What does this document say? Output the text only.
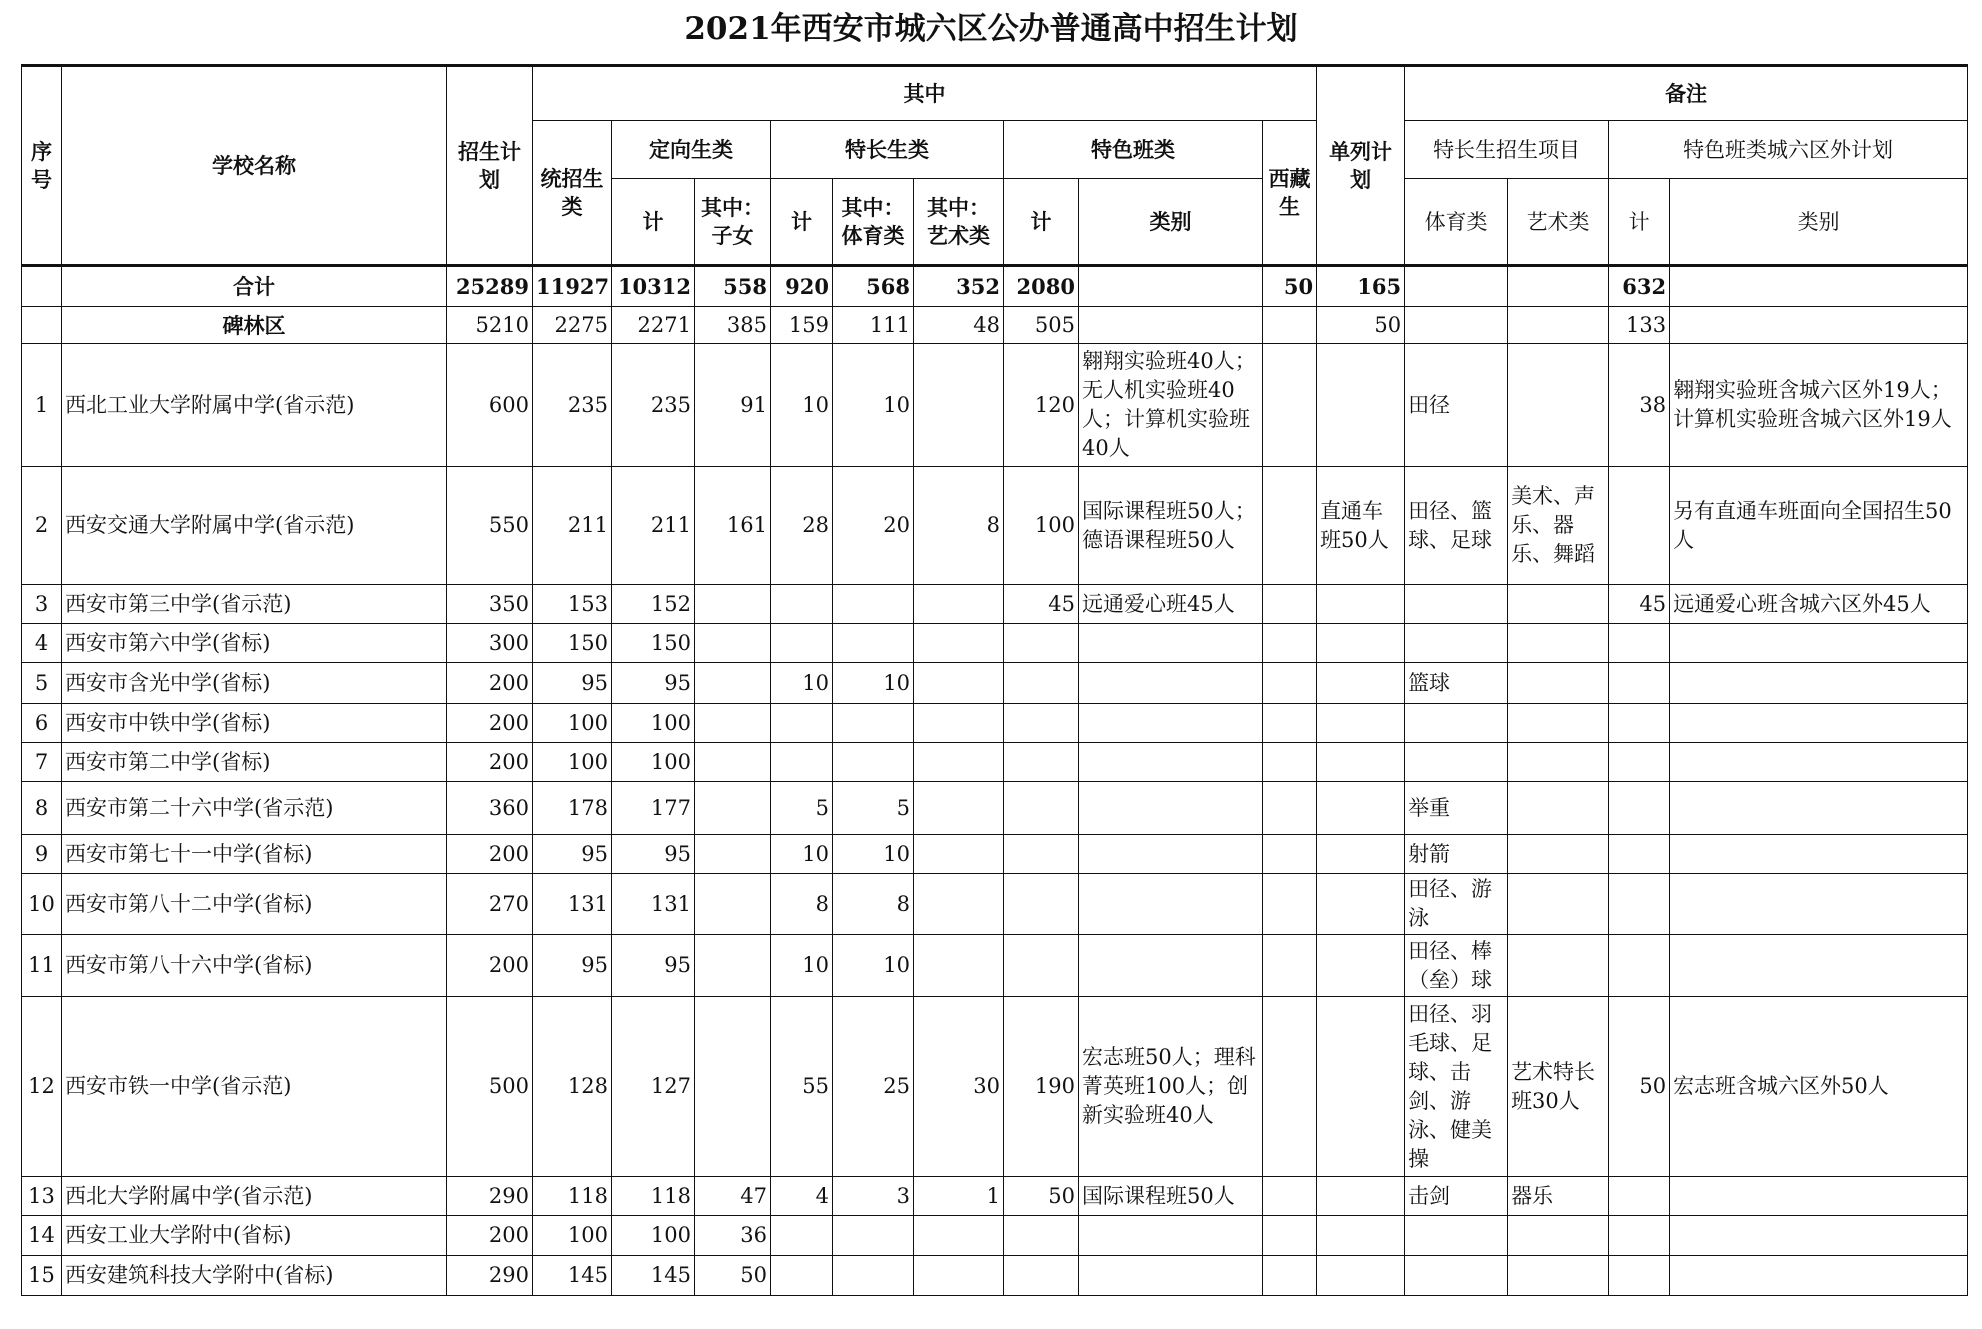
2021年西安市城六区公办普通高中招生计划
序号	学校名称	招生计划	其中									单列计划	备注			
			统招生类	定向生类		特长生类			特色班类		西藏生		特长生招生项目		特色班类城六区外计划	
				计	其中：子女	计	其中：体育类	其中：艺术类	计	类别			体育类	艺术类	计	类别
	合计	25289	11927	10312	558	920	568	352	2080		50	165			632	
	碑林区	5210	2275	2271	385	159	111	48	505			50			133	
1	西北工业大学附属中学(省示范)	600	235	235	91	10	10		120	翱翔实验班40人；无人机实验班40人；计算机实验班40人			田径		38	翱翔实验班含城六区外19人；计算机实验班含城六区外19人
2	西安交通大学附属中学(省示范)	550	211	211	161	28	20	8	100	国际课程班50人；德语课程班50人		直通车班50人	田径、篮球、足球	美术、声乐、器乐、舞蹈		另有直通车班面向全国招生50人
3	西安市第三中学(省示范)	350	153	152					45	远通爱心班45人					45	远通爱心班含城六区外45人
4	西安市第六中学(省标)	300	150	150												
5	西安市含光中学(省标)	200	95	95		10	10						篮球			
6	西安市中铁中学(省标)	200	100	100												
7	西安市第二中学(省标)	200	100	100												
8	西安市第二十六中学(省示范)	360	178	177		5	5						举重			
9	西安市第七十一中学(省标)	200	95	95		10	10						射箭			
10	西安市第八十二中学(省标)	270	131	131		8	8						田径、游泳			
11	西安市第八十六中学(省标)	200	95	95		10	10						田径、棒（垒）球			
12	西安市铁一中学(省示范)	500	128	127		55	25	30	190	宏志班50人；理科菁英班100人；创新实验班40人			田径、羽毛球、足球、击剑、游泳、健美操	艺术特长班30人	50	宏志班含城六区外50人
13	西北大学附属中学(省示范)	290	118	118	47	4	3	1	50	国际课程班50人			击剑	器乐		
14	西安工业大学附中(省标)	200	100	100	36											
15	西安建筑科技大学附中(省标)	290	145	145	50											
